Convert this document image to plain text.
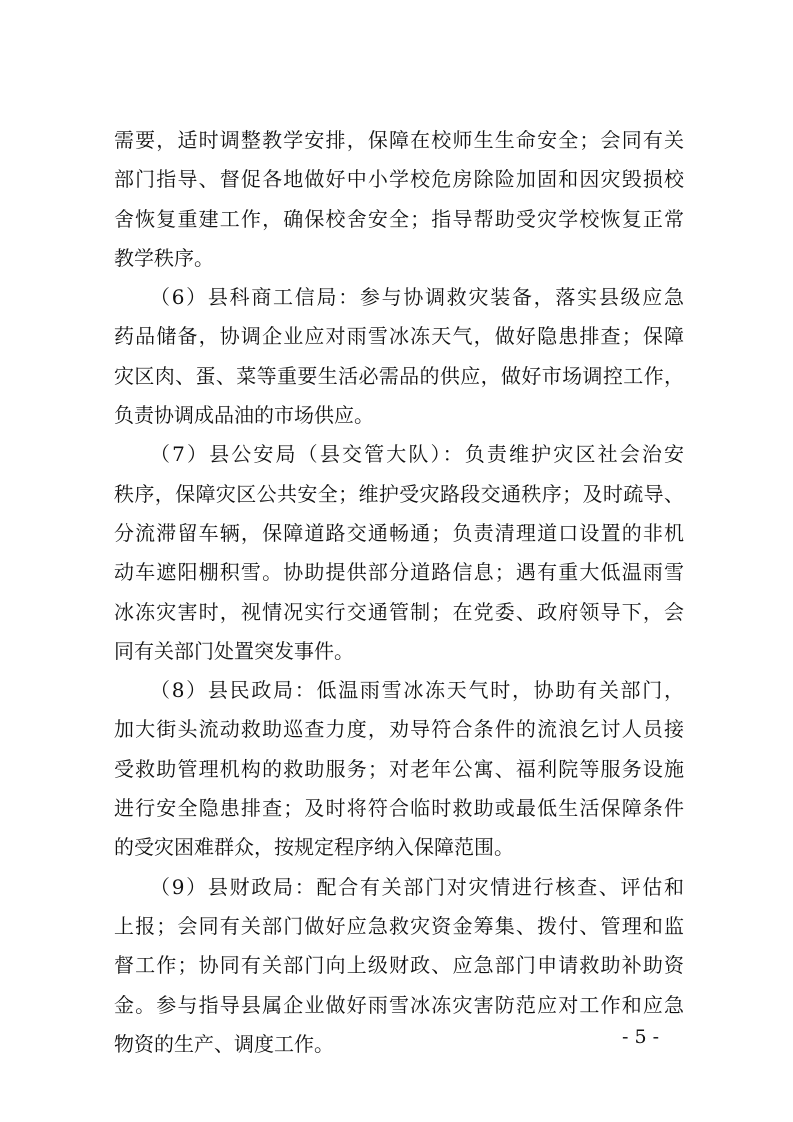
需要，适时调整教学安排，保障在校师生生命安全；会同有关
部门指导、督促各地做好中小学校危房除险加固和因灾毁损校
舍恢复重建工作，确保校舍安全；指导帮助受灾学校恢复正常
教学秩序。
（6）县科商工信局：参与协调救灾装备，落实县级应急
药品储备，协调企业应对雨雪冰冻天气，做好隐患排查；保障
灾区肉、蛋、菜等重要生活必需品的供应，做好市场调控工作，
负责协调成品油的市场供应。
（7）县公安局（县交管大队）：负责维护灾区社会治安
秩序，保障灾区公共安全；维护受灾路段交通秩序；及时疏导、
分流滞留车辆，保障道路交通畅通；负责清理道口设置的非机
动车遮阳棚积雪。协助提供部分道路信息；遇有重大低温雨雪
冰冻灾害时，视情况实行交通管制；在党委、政府领导下，会
同有关部门处置突发事件。
（8）县民政局：低温雨雪冰冻天气时，协助有关部门，
加大街头流动救助巡查力度，劝导符合条件的流浪乞讨人员接
受救助管理机构的救助服务；对老年公寓、福利院等服务设施
进行安全隐患排查；及时将符合临时救助或最低生活保障条件
的受灾困难群众，按规定程序纳入保障范围。
（9）县财政局：配合有关部门对灾情进行核查、评估和
上报；会同有关部门做好应急救灾资金筹集、拨付、管理和监
督工作；协同有关部门向上级财政、应急部门申请救助补助资
金。参与指导县属企业做好雨雪冰冻灾害防范应对工作和应急
物资的生产、调度工作。	- 5 -
